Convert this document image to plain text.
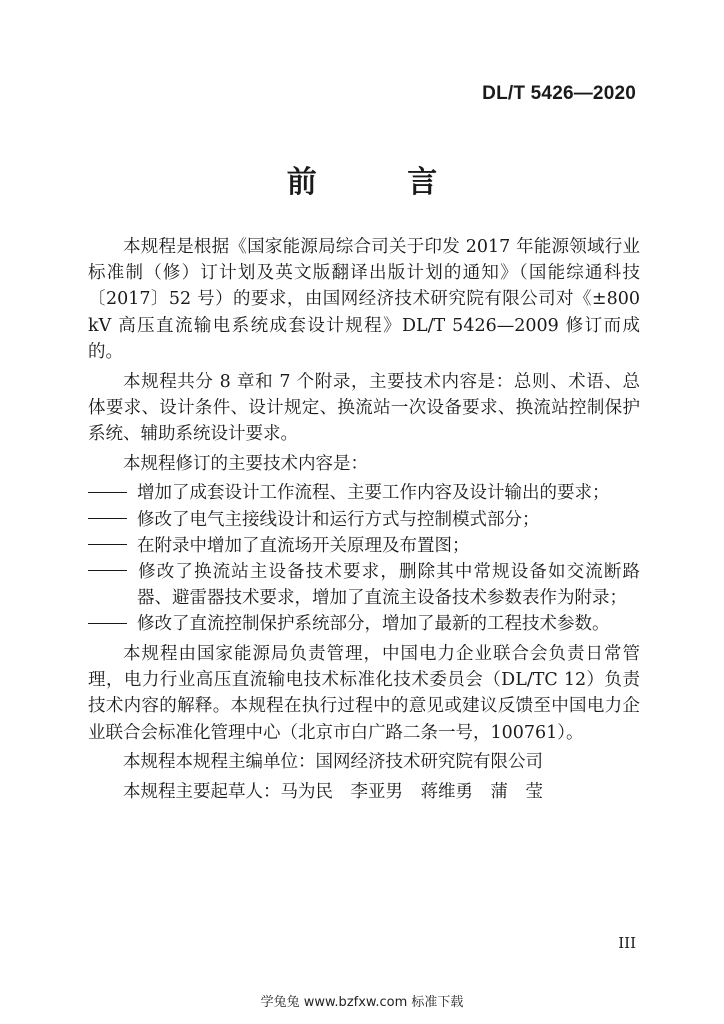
DL/T 5426—2020
前 言

本规程是根据《国家能源局综合司关于印发 2017 年能源领域行业标准制（修）订计划及英文版翻译出版计划的通知》（国能综通科技〔2017〕52 号）的要求，由国网经济技术研究院有限公司对《±800 kV 高压直流输电系统成套设计规程》DL/T 5426—2009 修订而成的。

本规程共分 8 章和 7 个附录，主要技术内容是：总则、术语、总体要求、设计条件、设计规定、换流站一次设备要求、换流站控制保护系统、辅助系统设计要求。

本规程修订的主要技术内容是：

增加了成套设计工作流程、主要工作内容及设计输出的要求；

修改了电气主接线设计和运行方式与控制模式部分；

在附录中增加了直流场开关原理及布置图；

修改了换流站主设备技术要求，删除其中常规设备如交流断路器、避雷器技术要求，增加了直流主设备技术参数表作为附录；

修改了直流控制保护系统部分，增加了最新的工程技术参数。

本规程由国家能源局负责管理，中国电力企业联合会负责日常管理，电力行业高压直流输电技术标准化技术委员会（DL/TC 12）负责技术内容的解释。本规程在执行过程中的意见或建议反馈至中国电力企业联合会标准化管理中心（北京市白广路二条一号，100761）。

本规程本规程主编单位：国网经济技术研究院有限公司

本规程主要起草人：马为民　李亚男　蒋维勇　蒲　莹

III
学兔兔 www.bzfxw.com 标准下载
